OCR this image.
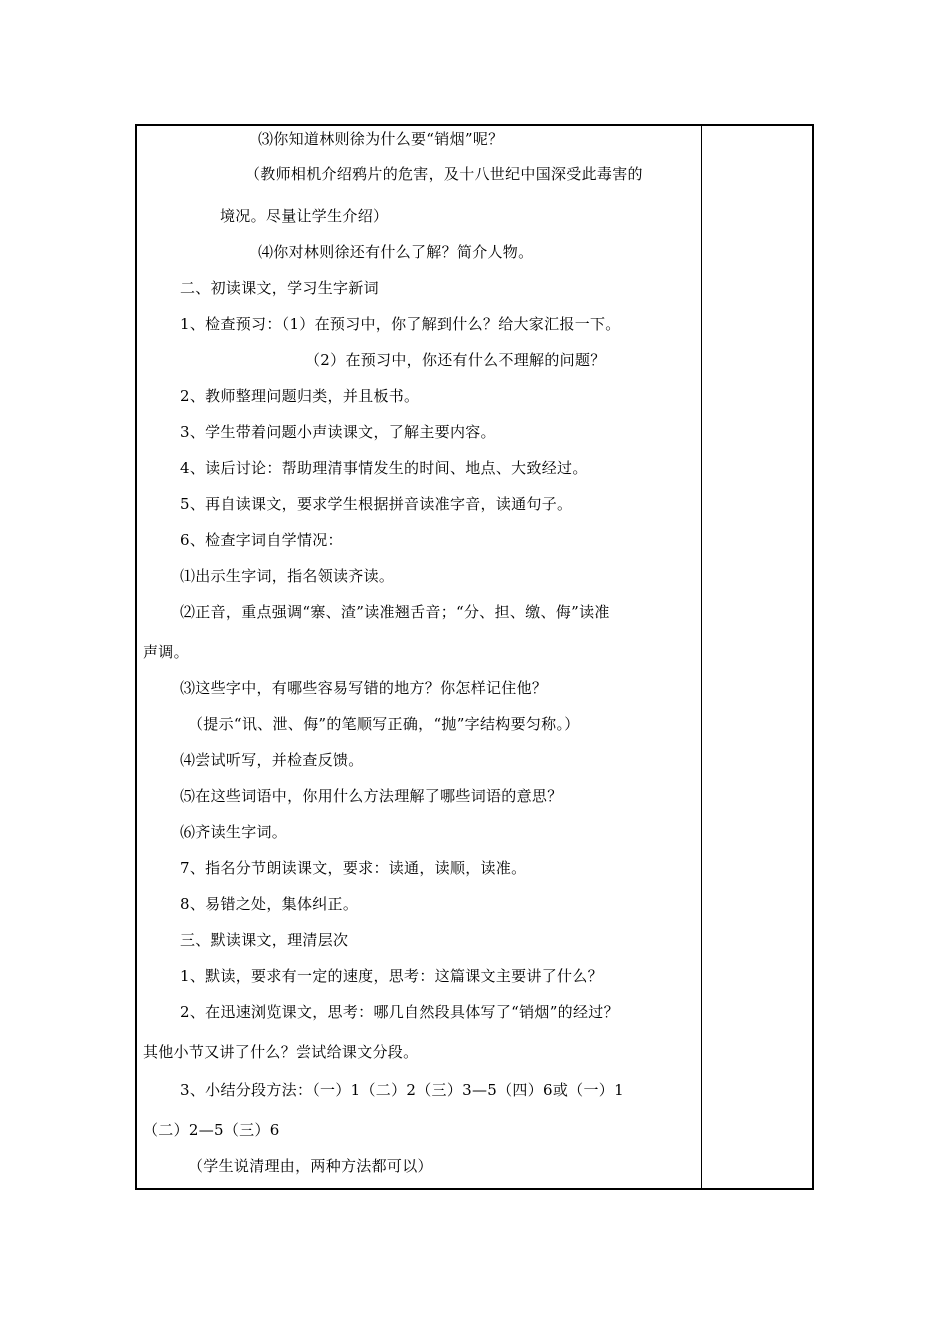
⑶你知道林则徐为什么要“销烟”呢？
（教师相机介绍鸦片的危害，及十八世纪中国深受此毒害的
境况。尽量让学生介绍）
⑷你对林则徐还有什么了解？简介人物。
二、初读课文，学习生字新词
1、检查预习：（1）在预习中，你了解到什么？给大家汇报一下。
（2）在预习中，你还有什么不理解的问题？
2、教师整理问题归类，并且板书。
3、学生带着问题小声读课文，了解主要内容。
4、读后讨论：帮助理清事情发生的时间、地点、大致经过。
5、再自读课文，要求学生根据拼音读准字音，读通句子。
6、检查字词自学情况：
⑴出示生字词，指名领读齐读。
⑵正音，重点强调“寨、渣”读准翘舌音；“分、担、缴、侮”读准
声调。
⑶这些字中，有哪些容易写错的地方？你怎样记住他？
（提示“讯、泄、侮”的笔顺写正确，“抛”字结构要匀称。）
⑷尝试听写，并检查反馈。
⑸在这些词语中，你用什么方法理解了哪些词语的意思？
⑹齐读生字词。
7、指名分节朗读课文，要求：读通，读顺，读准。
8、易错之处，集体纠正。
三、默读课文，理清层次
1、默读，要求有一定的速度，思考：这篇课文主要讲了什么？
2、在迅速浏览课文，思考：哪几自然段具体写了“销烟”的经过？
其他小节又讲了什么？尝试给课文分段。
3、小结分段方法：（一）1（二）2（三）3—5（四）6或（一）1
（二）2—5（三）6
（学生说清理由，两种方法都可以）
